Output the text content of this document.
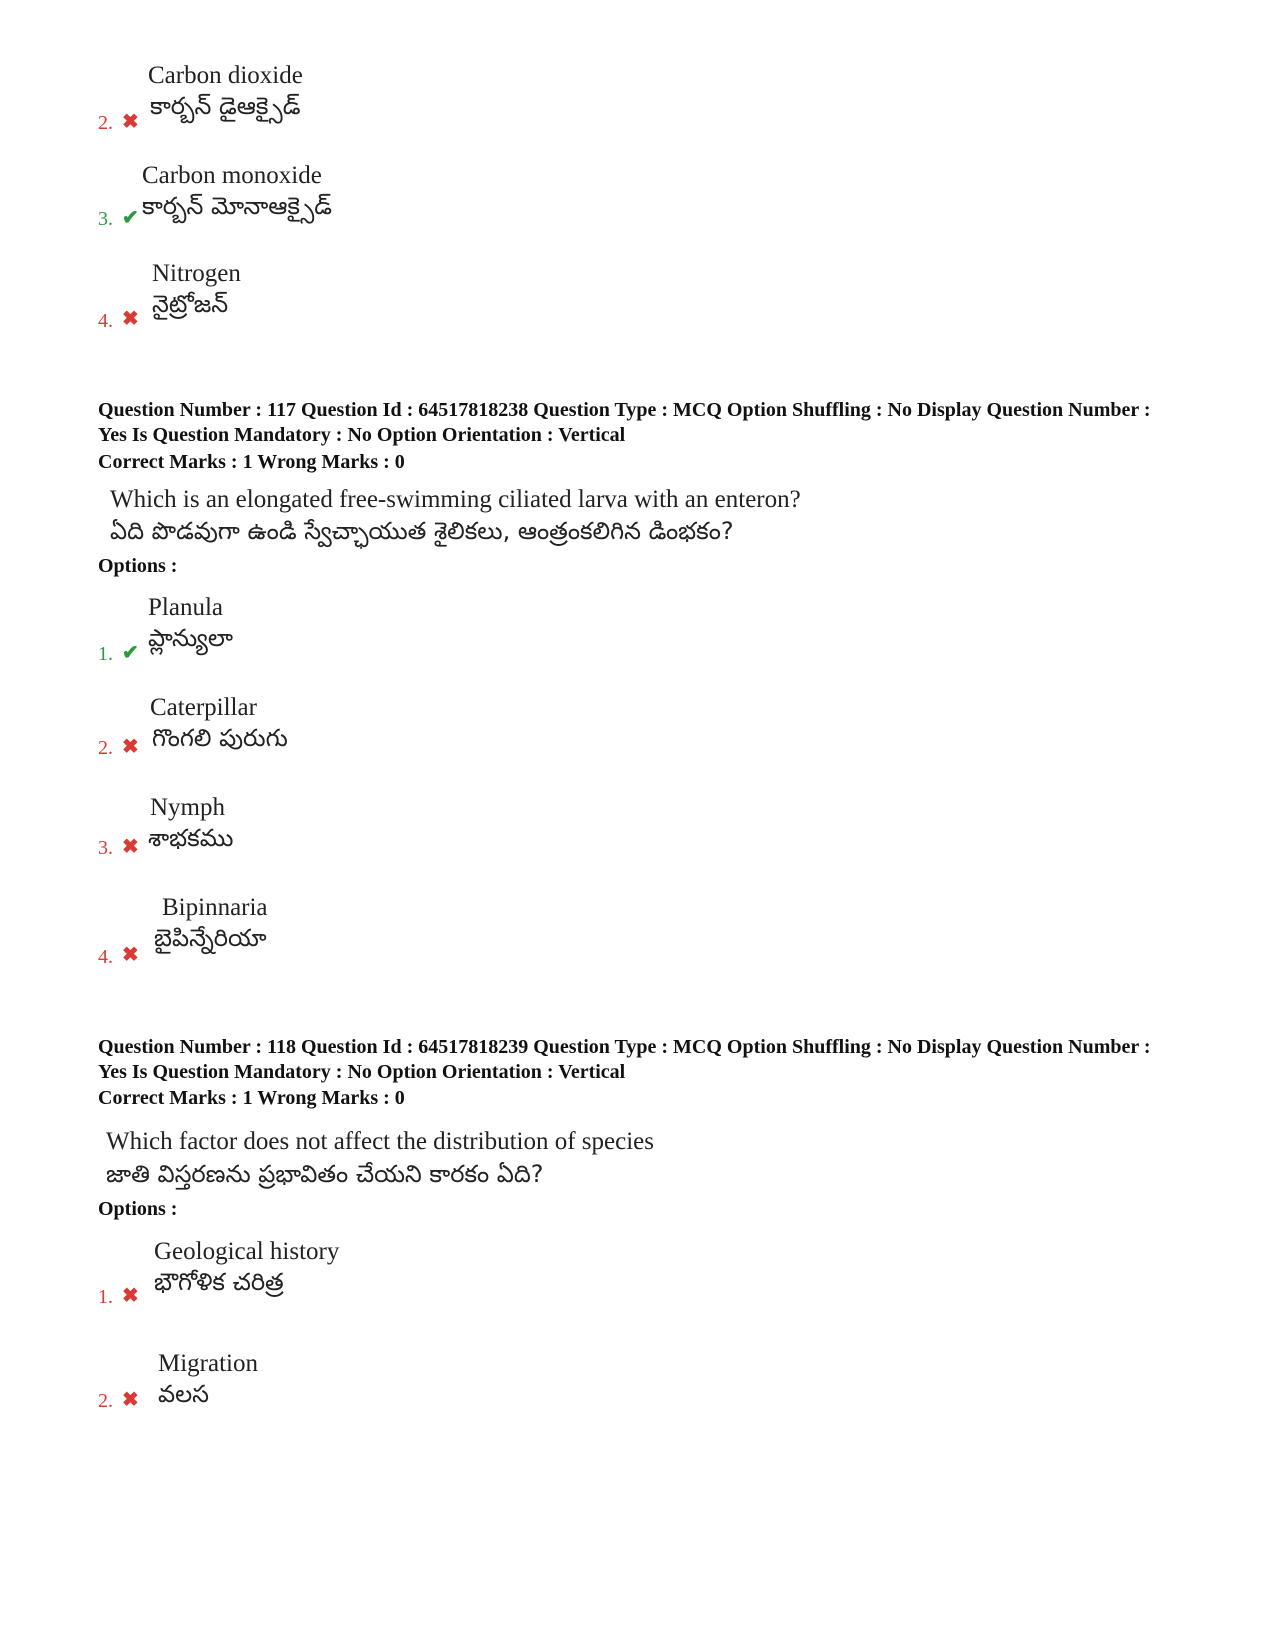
2. ✖
Carbon dioxide
కార్బన్ డైఆక్సైడ్
3. ✔
Carbon monoxide
కార్బన్ మోనాఆక్సైడ్
4. ✖
Nitrogen
నైట్రోజన్
Question Number : 117 Question Id : 64517818238 Question Type : MCQ Option Shuffling : No Display Question Number : Yes Is Question Mandatory : No Option Orientation : Vertical
Correct Marks : 1 Wrong Marks : 0
Which is an elongated free-swimming ciliated larva with an enteron?
ఏది పొడవుగా ఉండి స్వేచ్ఛాయుత శైలికలు, ఆంత్రంకలిగిన డింభకం?
Options :
1. ✔
Planula
ప్లాన్యులా
2. ✖
Caterpillar
గొంగలి పురుగు
3. ✖
Nymph
శాభకము
4. ✖
Bipinnaria
బైపిన్నేరియా
Question Number : 118 Question Id : 64517818239 Question Type : MCQ Option Shuffling : No Display Question Number : Yes Is Question Mandatory : No Option Orientation : Vertical
Correct Marks : 1 Wrong Marks : 0
Which factor does not affect the distribution of species
జాతి విస్తరణను ప్రభావితం చేయని కారకం ఏది?
Options :
1. ✖
Geological history
భౌగోళిక చరిత్ర
2. ✖
Migration
వలస
